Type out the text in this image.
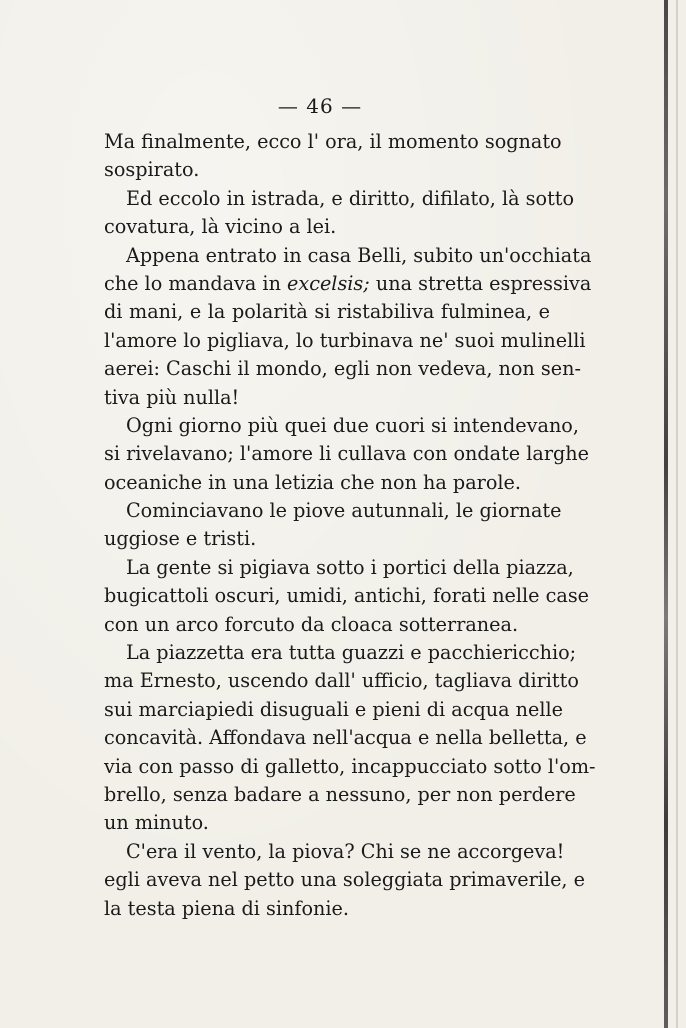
— 46 —
Ma finalmente, ecco l' ora, il momento sognato
sospirato.
Ed eccolo in istrada, e diritto, difilato, là sotto
covatura, là vicino a lei.
Appena entrato in casa Belli, subito un'occhiata
che lo mandava in excelsis; una stretta espressiva
di mani, e la polarità si ristabiliva fulminea, e
l'amore lo pigliava, lo turbinava ne' suoi mulinelli
aerei: Caschi il mondo, egli non vedeva, non sen-
tiva più nulla!
Ogni giorno più quei due cuori si intendevano,
si rivelavano; l'amore li cullava con ondate larghe
oceaniche in una letizia che non ha parole.
Cominciavano le piove autunnali, le giornate
uggiose e tristi.
La gente si pigiava sotto i portici della piazza,
bugicattoli oscuri, umidi, antichi, forati nelle case
con un arco forcuto da cloaca sotterranea.
La piazzetta era tutta guazzi e pacchiericchio;
ma Ernesto, uscendo dall' ufficio, tagliava diritto
sui marciapiedi disuguali e pieni di acqua nelle
concavità. Affondava nell'acqua e nella belletta, e
via con passo di galletto, incappucciato sotto l'om-
brello, senza badare a nessuno, per non perdere
un minuto.
C'era il vento, la piova? Chi se ne accorgeva!
egli aveva nel petto una soleggiata primaverile, e
la testa piena di sinfonie.
